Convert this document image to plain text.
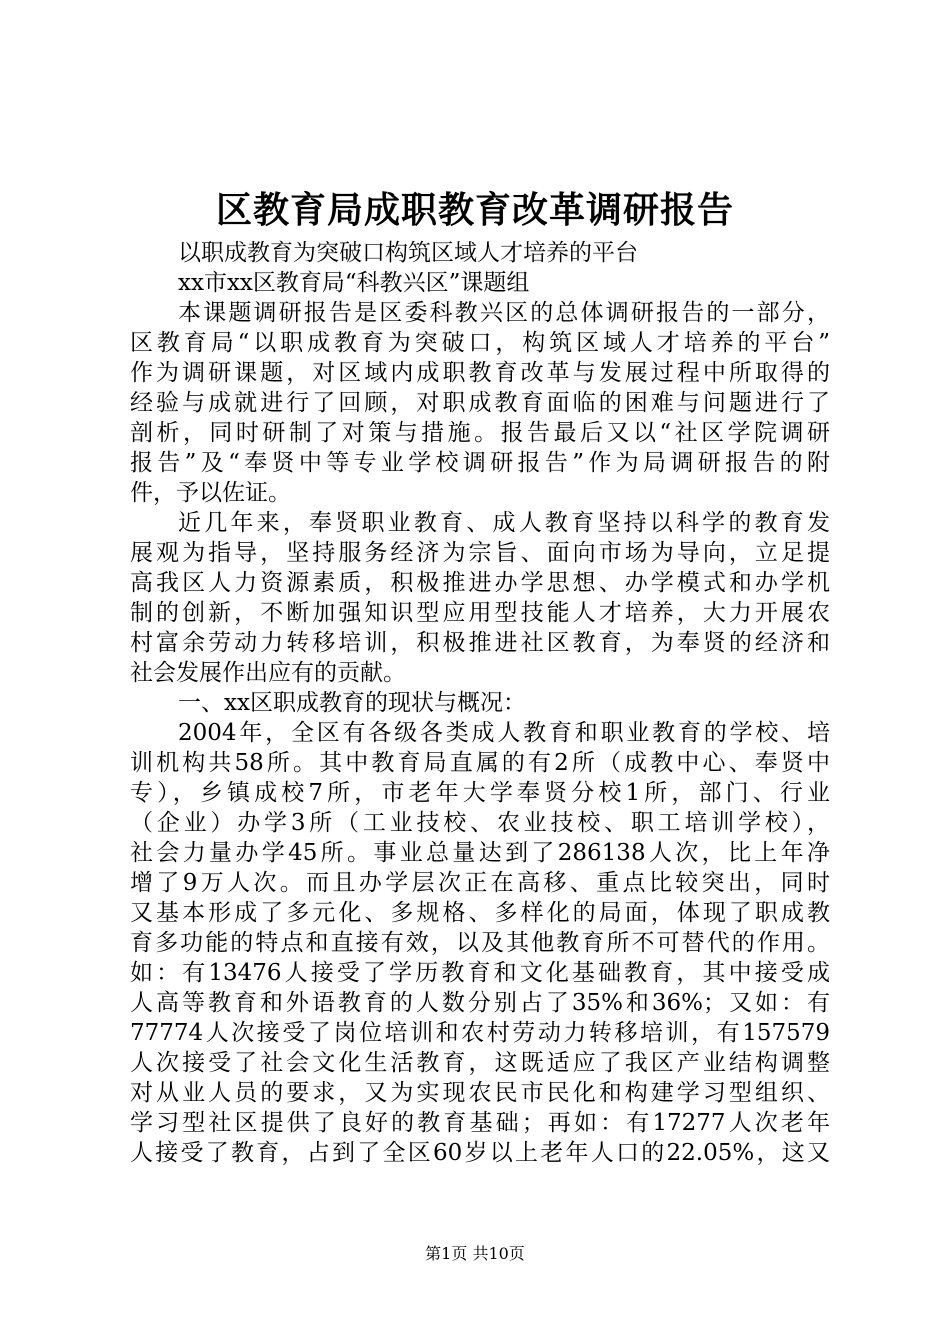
区教育局成职教育改革调研报告
以职成教育为突破口构筑区域人才培养的平台
xx市xx区教育局“科教兴区”课题组
本课题调研报告是区委科教兴区的总体调研报告的一部分，
区教育局“以职成教育为突破口，构筑区域人才培养的平台”
作为调研课题，对区域内成职教育改革与发展过程中所取得的
经验与成就进行了回顾，对职成教育面临的困难与问题进行了
剖析，同时研制了对策与措施。报告最后又以“社区学院调研
报告”及“奉贤中等专业学校调研报告”作为局调研报告的附
件，予以佐证。
近几年来，奉贤职业教育、成人教育坚持以科学的教育发
展观为指导，坚持服务经济为宗旨、面向市场为导向，立足提
高我区人力资源素质，积极推进办学思想、办学模式和办学机
制的创新，不断加强知识型应用型技能人才培养，大力开展农
村富余劳动力转移培训，积极推进社区教育，为奉贤的经济和
社会发展作出应有的贡献。
一、xx区职成教育的现状与概况：
2004年，全区有各级各类成人教育和职业教育的学校、培
训机构共58所。其中教育局直属的有2所（成教中心、奉贤中
专），乡镇成校7所，市老年大学奉贤分校1所，部门、行业
（企业）办学3所（工业技校、农业技校、职工培训学校），
社会力量办学45所。事业总量达到了286138人次，比上年净
增了9万人次。而且办学层次正在高移、重点比较突出，同时
又基本形成了多元化、多规格、多样化的局面，体现了职成教
育多功能的特点和直接有效，以及其他教育所不可替代的作用。
如：有13476人接受了学历教育和文化基础教育，其中接受成
人高等教育和外语教育的人数分别占了35%和36%；又如：有
77774人次接受了岗位培训和农村劳动力转移培训，有157579
人次接受了社会文化生活教育，这既适应了我区产业结构调整
对从业人员的要求，又为实现农民市民化和构建学习型组织、
学习型社区提供了良好的教育基础；再如：有17277人次老年
人接受了教育，占到了全区60岁以上老年人口的22.05%，这又
第1页 共10页
